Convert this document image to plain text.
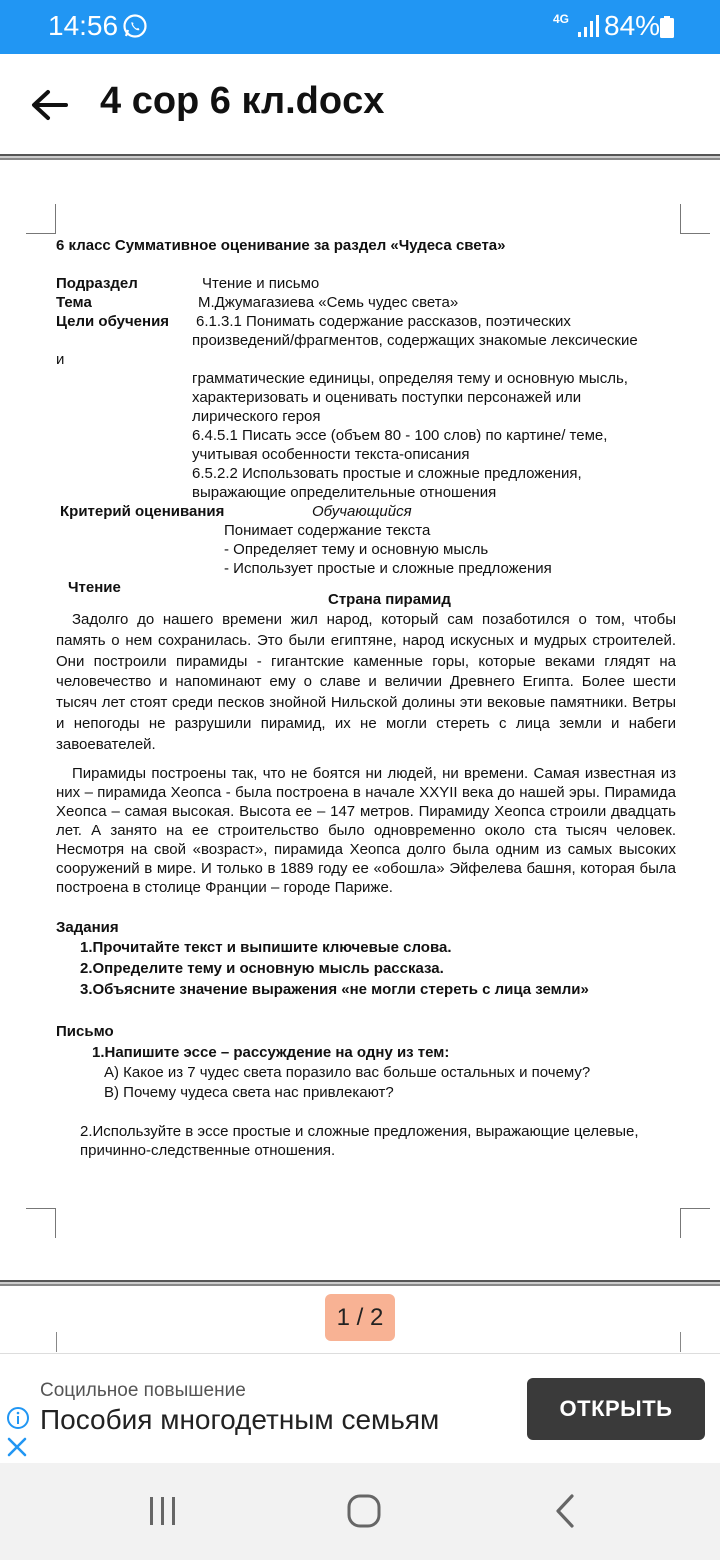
14:56	4G 84%
4 сор 6 кл.docx
6 класс Суммативное оценивание за раздел «Чудеса света»
Подраздел	Чтение и письмо
Тема	М.Джумагазиева «Семь чудес света»
Цели обучения 6.1.3.1 Понимать содержание рассказов, поэтических
произведений/фрагментов, содержащих знакомые лексические
и
грамматические единицы, определяя тему и основную мысль,
характеризовать и оценивать поступки персонажей или
лирического героя
6.4.5.1 Писать эссе (объем 80 - 100 слов) по картине/ теме,
учитывая особенности текста-описания
6.5.2.2 Использовать простые и сложные предложения,
выражающие определительные отношения
Критерий оценивания	Обучающийся
Понимает содержание текста
- Определяет тему и основную мысль
- Использует простые и сложные предложения
Чтение
Страна пирамид
Задолго до нашего времени жил народ, который сам позаботился о том, чтобы память о нем сохранилась. Это были египтяне, народ искусных и мудрых строителей. Они построили пирамиды - гигантские каменные горы, которые веками глядят на человечество и напоминают ему о славе и величии Древнего Египта. Более шести тысяч лет стоят среди песков знойной Нильской долины эти вековые памятники. Ветры и непогоды не разрушили пирамид, их не могли стереть с лица земли и набеги завоевателей.
Пирамиды построены так, что не боятся ни людей, ни времени. Самая известная из них – пирамида Хеопса - была построена в начале XXYII века до нашей эры. Пирамида Хеопса – самая высокая. Высота ее – 147 метров. Пирамиду Хеопса строили двадцать лет. А занято на ее строительство было одновременно около ста тысяч человек. Несмотря на свой «возраст», пирамида Хеопса долго была одним из самых высоких сооружений в мире. И только в 1889 году ее «обошла» Эйфелева башня, которая была построена в столице Франции – городе Париже.
Задания
1.Прочитайте текст и выпишите ключевые слова.
2.Определите тему и основную мысль рассказа.
3.Объясните значение выражения «не могли стереть с лица земли»
Письмо
1.Напишите эссе – рассуждение на одну из тем:
А) Какое из 7 чудес света поразило вас больше остальных и почему?
В) Почему чудеса света нас привлекают?
2.Используйте в эссе простые и сложные предложения, выражающие целевые,
причинно-следственные отношения.
1 / 2
Социльное повышение
Пособия многодетным семьям	ОТКРЫТЬ
